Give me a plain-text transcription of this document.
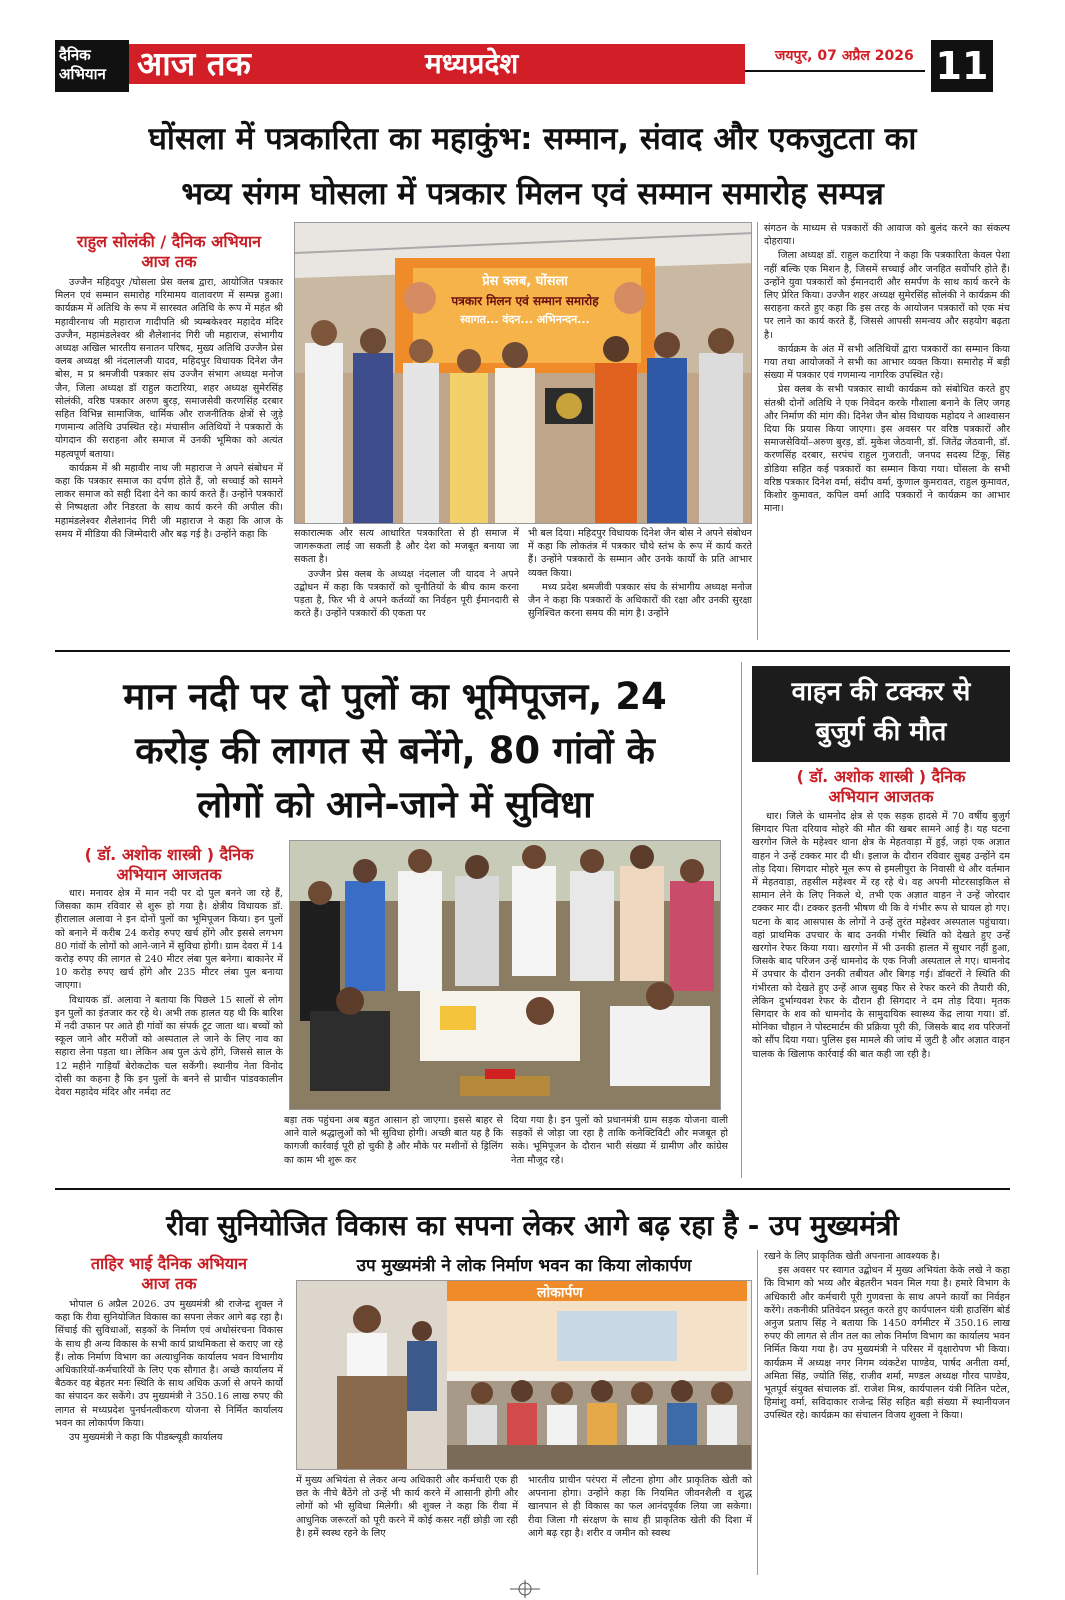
दैनिक
अभियान आज तक	मध्यप्रदेश	जयपुर, 07 अप्रैल 2026 11
घोंसला में पत्रकारिता का महाकुंभ: सम्मान, संवाद और एकजुटता का
भव्य संगम घोसला में पत्रकार मिलन एवं सम्मान समारोह सम्पन्न
राहुल सोलंकी / दैनिक अभियान
आज तक

उज्जैन महिदपुर /घोसला प्रेस क्लब द्वारा, आयोजित पत्रकार मिलन एवं सम्मान समारोह गरिमामय वातावरण में सम्पन्न हुआ। कार्यक्रम में अतिथि के रूप में सारस्वत अतिथि के रूप में महंत श्री महावीरनाथ जी महाराज गादीपति श्री त्र्यम्बकेश्वर महादेव मंदिर उज्जैन, महामंडलेश्वर श्री शैलेशानंद गिरी जी महाराज, संभागीय अध्यक्ष अखिल भारतीय सनातन परिषद, मुख्य अतिथि उज्जैन प्रेस क्लब अध्यक्ष श्री नंदलालजी यादव, महिदपुर विधायक दिनेश जैन बोस, म प्र श्रमजीवी पत्रकार संघ उज्जैन संभाग अध्यक्ष मनोज जैन, जिला अध्यक्ष डॉ राहुल कटारिया, शहर अध्यक्ष सुमेरसिंह सोलंकी, वरिष्ठ पत्रकार अरुण बुरड़, समाजसेवी करणसिंह दरबार सहित विभिन्न सामाजिक, धार्मिक और राजनीतिक क्षेत्रों से जुड़े गणमान्य अतिथि उपस्थित रहे। मंचासीन अतिथियों ने पत्रकारों के योगदान की सराहना और समाज में उनकी भूमिका को अत्यंत महत्वपूर्ण बताया।

कार्यक्रम में श्री महावीर नाथ जी महाराज ने अपने संबोधन में कहा कि पत्रकार समाज का दर्पण होते हैं, जो सच्चाई को सामने लाकर समाज को सही दिशा देने का कार्य करते हैं। उन्होंने पत्रकारों से निष्पक्षता और निडरता के साथ कार्य करने की अपील की। महामंडलेश्वर शैलेशानंद गिरी जी महाराज ने कहा कि आज के समय में मीडिया की जिम्मेदारी और बढ़ गई है। उन्होंने कहा कि

प्रेस क्लब, घोंसला
पत्रकार मिलन एवं सम्मान समारोह
स्वागत... वंदन... अभिनन्दन...

सकारात्मक और सत्य आधारित पत्रकारिता से ही समाज में जागरूकता लाई जा सकती है और देश को मजबूत बनाया जा सकता है।

उज्जैन प्रेस क्लब के अध्यक्ष नंदलाल जी यादव ने अपने उद्बोधन में कहा कि पत्रकारों को चुनौतियों के बीच काम करना पड़ता है, फिर भी वे अपने कर्तव्यों का निर्वहन पूरी ईमानदारी से करते हैं। उन्होंने पत्रकारों की एकता पर

भी बल दिया। महिदपुर विधायक दिनेश जैन बोस ने अपने संबोधन में कहा कि लोकतंत्र में पत्रकार चौथे स्तंभ के रूप में कार्य करते हैं। उन्होंने पत्रकारों के सम्मान और उनके कार्यों के प्रति आभार व्यक्त किया।

मध्य प्रदेश श्रमजीवी पत्रकार संघ के संभागीय अध्यक्ष मनोज जैन ने कहा कि पत्रकारों के अधिकारों की रक्षा और उनकी सुरक्षा सुनिश्चित करना समय की मांग है। उन्होंने

संगठन के माध्यम से पत्रकारों की आवाज को बुलंद करने का संकल्प दोहराया।

जिला अध्यक्ष डॉ. राहुल कटारिया ने कहा कि पत्रकारिता केवल पेशा नहीं बल्कि एक मिशन है, जिसमें सच्चाई और जनहित सर्वोपरि होते हैं। उन्होंने युवा पत्रकारों को ईमानदारी और समर्पण के साथ कार्य करने के लिए प्रेरित किया। उज्जैन शहर अध्यक्ष सुमेरसिंह सोलंकी ने कार्यक्रम की सराहना करते हुए कहा कि इस तरह के आयोजन पत्रकारों को एक मंच पर लाने का कार्य करते हैं, जिससे आपसी समन्वय और सहयोग बढ़ता है।

कार्यक्रम के अंत में सभी अतिथियों द्वारा पत्रकारों का सम्मान किया गया तथा आयोजकों ने सभी का आभार व्यक्त किया। समारोह में बड़ी संख्या में पत्रकार एवं गणमान्य नागरिक उपस्थित रहे।

प्रेस क्लब के सभी पत्रकार साथी कार्यक्रम को संबोधित करते हुए संतश्री दोनों अतिथि ने एक निवेदन करके गौशाला बनाने के लिए जगह और निर्माण की मांग की। दिनेश जैन बोस विधायक महोदय ने आश्वासन दिया कि प्रयास किया जाएगा। इस अवसर पर वरिष्ठ पत्रकारों और समाजसेवियों–अरुण बुरड़, डॉ. मुकेश जेठवानी, डॉ. जितेंद्र जेठवानी, डॉ. करणसिंह दरबार, सरपंच राहुल गुजराती, जनपद सदस्य टिंकू, सिंह डोडिया सहित कई पत्रकारों का सम्मान किया गया। घोंसला के सभी वरिष्ठ पत्रकार दिनेश वर्मा, संदीप वर्मा, कुणाल कुमरावत, राहुल कुमावत, किशोर कुमावत, कपिल वर्मा आदि पत्रकारों ने कार्यक्रम का आभार माना।

मान नदी पर दो पुलों का भूमिपूजन, 24
करोड़ की लागत से बनेंगे, 80 गांवों के
लोगों को आने-जाने में सुविधा
( डॉ. अशोक शास्त्री ) दैनिक
अभियान आजतक

धार। मनावर क्षेत्र में मान नदी पर दो पुल बनने जा रहे हैं, जिसका काम रविवार से शुरू हो गया है। क्षेत्रीय विधायक डॉ. हीरालाल अलावा ने इन दोनों पुलों का भूमिपूजन किया। इन पुलों को बनाने में करीब 24 करोड़ रुपए खर्च होंगे और इससे लगभग 80 गांवों के लोगों को आने-जाने में सुविधा होगी। ग्राम देवरा में 14 करोड़ रुपए की लागत से 240 मीटर लंबा पुल बनेगा। बाकानेर में 10 करोड़ रुपए खर्च होंगे और 235 मीटर लंबा पुल बनाया जाएगा।

विधायक डॉ. अलावा ने बताया कि पिछले 15 सालों से लोग इन पुलों का इंतजार कर रहे थे। अभी तक हालत यह थी कि बारिश में नदी उफान पर आते ही गांवों का संपर्क टूट जाता था। बच्चों को स्कूल जाने और मरीजों को अस्पताल ले जाने के लिए नाव का सहारा लेना पड़ता था। लेकिन अब पुल ऊंचे होंगे, जिससे साल के 12 महीने गाड़ियाँ बेरोकटोक चल सकेंगी। स्थानीय नेता विनोद दोसी का कहना है कि इन पुलों के बनने से प्राचीन पांडवकालीन देवरा महादेव मंदिर और नर्मदा तट

बड़ा तक पहुंचना अब बहुत आसान हो जाएगा। इससे बाहर से आने वाले श्रद्धालुओं को भी सुविधा होगी। अच्छी बात यह है कि कागजी कार्रवाई पूरी हो चुकी है और मौके पर मशीनों से ड्रिलिंग का काम भी शुरू कर

दिया गया है। इन पुलों को प्रधानमंत्री ग्राम सड़क योजना वाली सड़कों से जोड़ा जा रहा है ताकि कनेक्टिविटी और मजबूत हो सके। भूमिपूजन के दौरान भारी संख्या में ग्रामीण और कांग्रेस नेता मौजूद रहे।

वाहन की टक्कर से
बुजुर्ग की मौत
( डॉ. अशोक शास्त्री ) दैनिक
अभियान आजतक

धार। जिले के धामनोद क्षेत्र से एक सड़क हादसे में 70 वर्षीय बुजुर्ग सिगदार पिता दरियाव मोहरे की मौत की खबर सामने आई है। यह घटना खरगोन जिले के महेश्वर थाना क्षेत्र के मेहतवाड़ा में हुई, जहां एक अज्ञात वाहन ने उन्हें टक्कर मार दी थी। इलाज के दौरान रविवार सुबह उन्होंने दम तोड़ दिया। सिगदार मोहरे मूल रूप से इमलीपुरा के निवासी थे और वर्तमान में मेहतवाड़ा, तहसील महेश्वर में रह रहे थे। वह अपनी मोटरसाइकिल से सामान लेने के लिए निकले थे, तभी एक अज्ञात वाहन ने उन्हें जोरदार टक्कर मार दी। टक्कर इतनी भीषण थी कि वे गंभीर रूप से घायल हो गए। घटना के बाद आसपास के लोगों ने उन्हें तुरंत महेश्वर अस्पताल पहुंचाया। वहां प्राथमिक उपचार के बाद उनकी गंभीर स्थिति को देखते हुए उन्हें खरगोन रेफर किया गया। खरगोन में भी उनकी हालत में सुधार नहीं हुआ, जिसके बाद परिजन उन्हें धामनोद के एक निजी अस्पताल ले गए। धामनोद में उपचार के दौरान उनकी तबीयत और बिगड़ गई। डॉक्टरों ने स्थिति की गंभीरता को देखते हुए उन्हें आज सुबह फिर से रेफर करने की तैयारी की, लेकिन दुर्भाग्यवश रेफर के दौरान ही सिगदार ने दम तोड़ दिया। मृतक सिगदार के शव को धामनोद के सामुदायिक स्वास्थ्य केंद्र लाया गया। डॉ. मोनिका चौहान ने पोस्टमार्टम की प्रक्रिया पूरी की, जिसके बाद शव परिजनों को सौंप दिया गया। पुलिस इस मामले की जांच में जुटी है और अज्ञात वाहन चालक के खिलाफ कार्रवाई की बात कही जा रही है।

रीवा सुनियोजित विकास का सपना लेकर आगे बढ़ रहा है - उप मुख्यमंत्री
ताहिर भाई दैनिक अभियान
आज तक

भोपाल 6 अप्रैल 2026. उप मुख्यमंत्री श्री राजेन्द्र शुक्ल ने कहा कि रीवा सुनियोजित विकास का सपना लेकर आगे बढ़ रहा है। सिंचाई की सुविधाओं, सड़कों के निर्माण एवं अधोसंरचना विकास के साथ ही अन्य विकास के सभी कार्य प्राथमिकता से कराए जा रहे हैं। लोक निर्माण विभाग का अत्याधुनिक कार्यालय भवन विभागीय अधिकारियों-कर्मचारियों के लिए एक सौगात है। अच्छे कार्यालय में बैठकर वह बेहतर मनः स्थिति के साथ अधिक ऊर्जा से अपने कार्यों का संपादन कर सकेंगे। उप मुख्यमंत्री ने 350.16 लाख रुपए की लागत से मध्यप्रदेश पुनर्घनत्वीकरण योजना से निर्मित कार्यालय भवन का लोकार्पण किया।

उप मुख्यमंत्री ने कहा कि पीडब्ल्यूडी कार्यालय

उप मुख्यमंत्री ने लोक निर्माण भवन का किया लोकार्पण
लोकार्पण

में मुख्य अभियंता से लेकर अन्य अधिकारी और कर्मचारी एक ही छत के नीचे बैठेंगे तो उन्हें भी कार्य करने में आसानी होगी और लोगों को भी सुविधा मिलेगी। श्री शुक्ल ने कहा कि रीवा में आधुनिक जरूरतों को पूरी करने में कोई कसर नहीं छोड़ी जा रही है। हमें स्वस्थ रहने के लिए

भारतीय प्राचीन परंपरा में लौटना होगा और प्राकृतिक खेती को अपनाना होगा। उन्होंने कहा कि नियमित जीवनशैली व शुद्ध खानपान से ही विकास का फल आनंदपूर्वक लिया जा सकेगा। रीवा जिला गौ संरक्षण के साथ ही प्राकृतिक खेती की दिशा में आगे बढ़ रहा है। शरीर व जमीन को स्वस्थ

रखने के लिए प्राकृतिक खेती अपनाना आवश्यक है।

इस अवसर पर स्वागत उद्बोधन में मुख्य अभियंता केके लखे ने कहा कि विभाग को भव्य और बेहतरीन भवन मिल गया है। हमारे विभाग के अधिकारी और कर्मचारी पूरी गुणवत्ता के साथ अपने कार्यों का निर्वहन करेंगे। तकनीकी प्रतिवेदन प्रस्तुत करते हुए कार्यपालन यंत्री हाउसिंग बोर्ड अनुज प्रताप सिंह ने बताया कि 1450 वर्गमीटर में 350.16 लाख रुपए की लागत से तीन तल का लोक निर्माण विभाग का कार्यालय भवन निर्मित किया गया है। उप मुख्यमंत्री ने परिसर में वृक्षारोपण भी किया। कार्यक्रम में अध्यक्ष नगर निगम व्यंकटेश पाण्डेय, पार्षद अनीता वर्मा, अमिता सिंह, ज्योति सिंह, राजीव शर्मा, मण्डल अध्यक्ष गौरव पाण्डेय, भूतपूर्व संयुक्त संचालक डॉ. राजेश मिश्र, कार्यपालन यंत्री नितिन पटेल, हिमांशु वर्मा, सविदाकार राजेन्द्र सिंह सहित बड़ी संख्या में स्थानीयजन उपस्थित रहे। कार्यक्रम का संचालन विजय शुक्ला ने किया।
